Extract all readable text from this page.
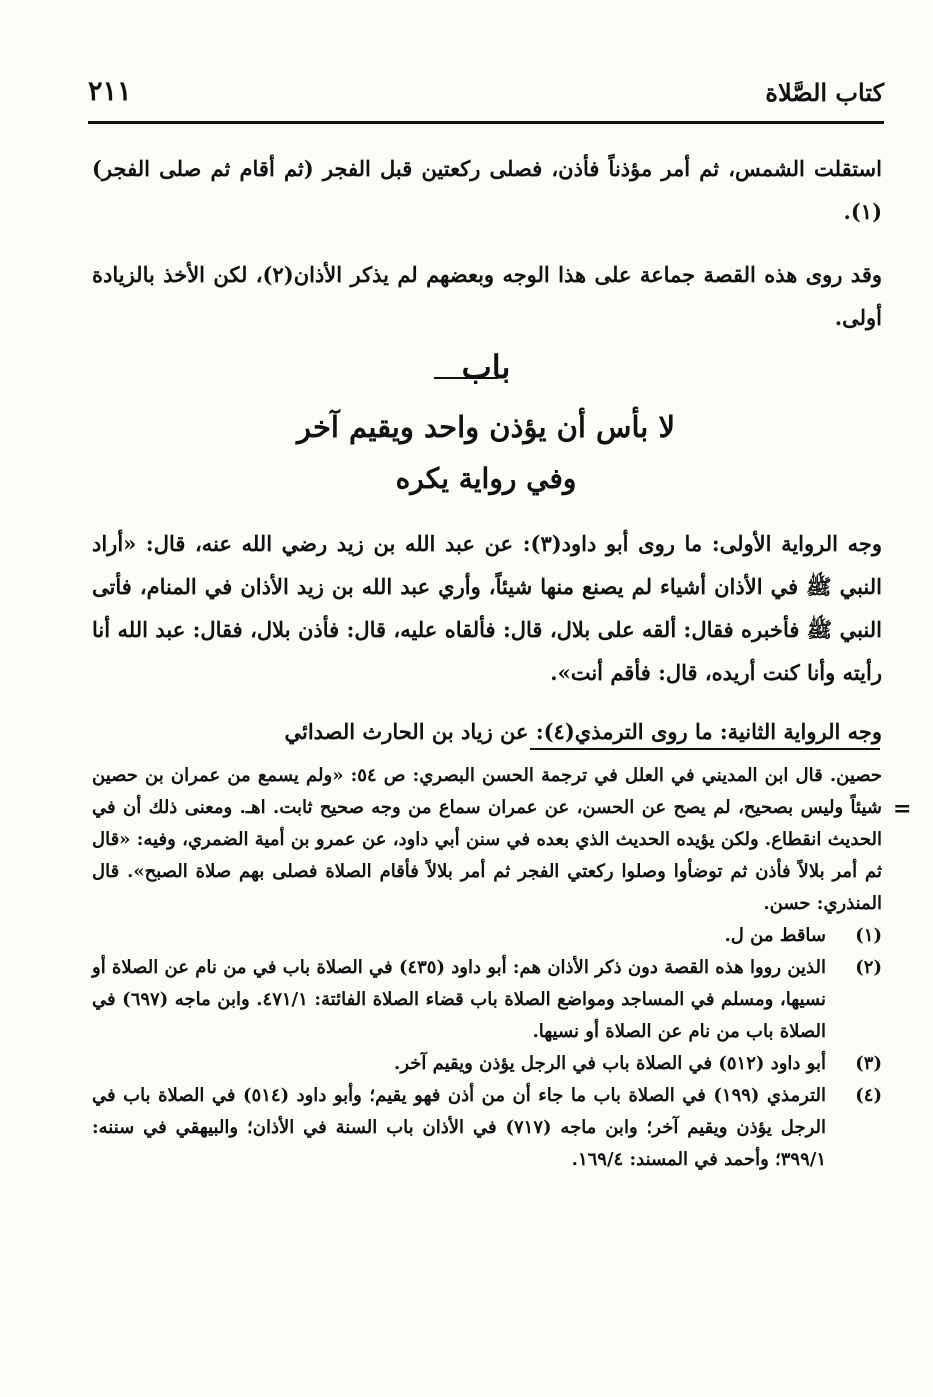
كتاب الصَّلاة
٢١١
استقلت الشمس، ثم أمر مؤذناً فأذن، فصلى ركعتين قبل الفجر (ثم أقام ثم صلى الفجر)(١).
وقد روى هذه القصة جماعة على هذا الوجه وبعضهم لم يذكر الأذان(٢)، لكن الأخذ بالزيادة أولى.
باب
لا بأس أن يؤذن واحد ويقيم آخر
وفي رواية يكره
وجه الرواية الأولى: ما روى أبو داود(٣): عن عبد الله بن زيد رضي الله عنه، قال: «أراد النبي ﷺ في الأذان أشياء لم يصنع منها شيئاً، وأري عبد الله بن زيد الأذان في المنام، فأتى النبي ﷺ فأخبره فقال: ألقه على بلال، قال: فألقاه عليه، قال: فأذن بلال، فقال: عبد الله أنا رأيته وأنا كنت أريده، قال: فأقم أنت».
وجه الرواية الثانية: ما روى الترمذي(٤): عن زياد بن الحارث الصدائي
=
حصين. قال ابن المديني في العلل في ترجمة الحسن البصري: ص ٥٤: «ولم يسمع من عمران بن حصين شيئاً وليس بصحيح، لم يصح عن الحسن، عن عمران سماع من وجه صحيح ثابت. اهـ. ومعنى ذلك أن في الحديث انقطاع. ولكن يؤيده الحديث الذي بعده في سنن أبي داود، عن عمرو بن أمية الضمري، وفيه: «قال ثم أمر بلالاً فأذن ثم توضأوا وصلوا ركعتي الفجر ثم أمر بلالاً فأقام الصلاة فصلى بهم صلاة الصبح». قال المنذري: حسن.
(١)
ساقط من ل.
(٢)
الذين رووا هذه القصة دون ذكر الأذان هم: أبو داود (٤٣٥) في الصلاة باب في من نام عن الصلاة أو نسيها، ومسلم في المساجد ومواضع الصلاة باب قضاء الصلاة الفائتة: ٤٧١/١. وابن ماجه (٦٩٧) في الصلاة باب من نام عن الصلاة أو نسيها.
(٣)
أبو داود (٥١٢) في الصلاة باب في الرجل يؤذن ويقيم آخر.
(٤)
الترمذي (١٩٩) في الصلاة باب ما جاء أن من أذن فهو يقيم؛ وأبو داود (٥١٤) في الصلاة باب في الرجل يؤذن ويقيم آخر؛ وابن ماجه (٧١٧) في الأذان باب السنة في الأذان؛ والبيهقي في سننه: ٣٩٩/١؛ وأحمد في المسند: ١٦٩/٤.
